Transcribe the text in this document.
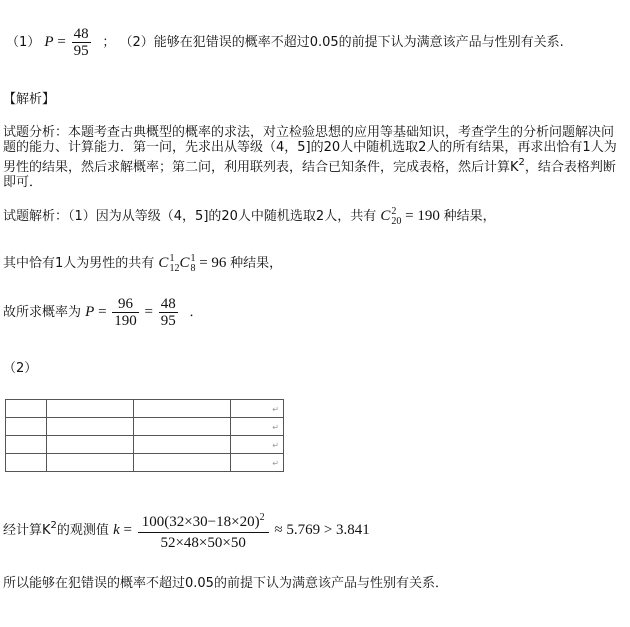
（1） $P = \frac{48}{95}$ ； （2）能够在犯错误的概率不超过0.05的前提下认为满意该产品与性别有关系.
【解析】
试题分析：本题考查古典概型的概率的求法，对立检验思想的应用等基础知识，考查学生的分析问题解决问题的能力、计算能力．第一问，先求出从等级（4，5]的20人中随机选取2人的所有结果，再求出恰有1人为男性的结果，然后求解概率；第二问，利用联列表，结合已知条件，完成表格，然后计算$K^2$，结合表格判断即可．
试题解析：（1）因为从等级（4，5]的20人中随机选取2人，共有 C 2
20 = 190 种结果，
其中恰有1人为男性的共有 C 1
12 C 1
8 = 96 种结果，
故所求概率为 $P = \frac{96}{190} = \frac{48}{95}$ ．
（2）

			↵

			↵

			↵

			↵
经计算$K^2$的观测值 $k = \frac{100(32\times 30-18\times 20)^2}{52\times 48\times 50\times 50} \approx 5.769 > 3.841$
所以能够在犯错误的概率不超过0.05的前提下认为满意该产品与性别有关系．
